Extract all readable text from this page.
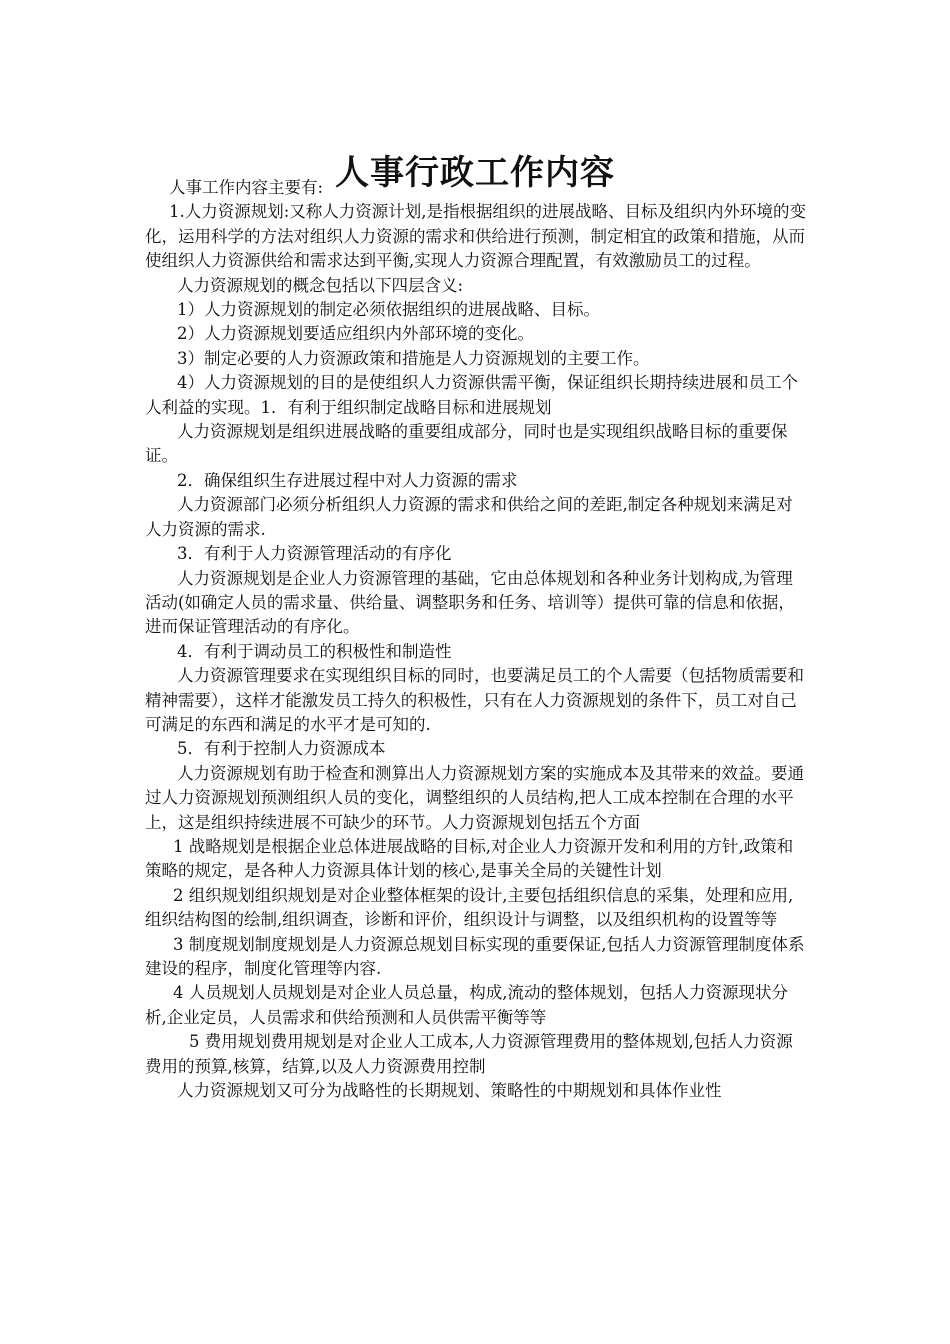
人事行政工作内容

人事工作内容主要有:

1.人力资源规划:又称人力资源计划,是指根据组织的进展战略、目标及组织内外环境的变化，运用科学的方法对组织人力资源的需求和供给进行预测，制定相宜的政策和措施，从而使组织人力资源供给和需求达到平衡,实现人力资源合理配置，有效激励员工的过程。

人力资源规划的概念包括以下四层含义:

1）人力资源规划的制定必须依据组织的进展战略、目标。

2）人力资源规划要适应组织内外部环境的变化。

3）制定必要的人力资源政策和措施是人力资源规划的主要工作。

4）人力资源规划的目的是使组织人力资源供需平衡，保证组织长期持续进展和员工个人利益的实现。1．有利于组织制定战略目标和进展规划

人力资源规划是组织进展战略的重要组成部分，同时也是实现组织战略目标的重要保证。

2．确保组织生存进展过程中对人力资源的需求

人力资源部门必须分析组织人力资源的需求和供给之间的差距,制定各种规划来满足对人力资源的需求.

3．有利于人力资源管理活动的有序化

人力资源规划是企业人力资源管理的基础，它由总体规划和各种业务计划构成,为管理活动(如确定人员的需求量、供给量、调整职务和任务、培训等）提供可靠的信息和依据，进而保证管理活动的有序化。

4．有利于调动员工的积极性和制造性

人力资源管理要求在实现组织目标的同时，也要满足员工的个人需要（包括物质需要和精神需要），这样才能激发员工持久的积极性，只有在人力资源规划的条件下，员工对自己可满足的东西和满足的水平才是可知的.

5．有利于控制人力资源成本

人力资源规划有助于检查和测算出人力资源规划方案的实施成本及其带来的效益。要通过人力资源规划预测组织人员的变化，调整组织的人员结构,把人工成本控制在合理的水平上，这是组织持续进展不可缺少的环节。人力资源规划包括五个方面

1 战略规划是根据企业总体进展战略的目标,对企业人力资源开发和利用的方针,政策和策略的规定，是各种人力资源具体计划的核心,是事关全局的关键性计划

2 组织规划组织规划是对企业整体框架的设计,主要包括组织信息的采集，处理和应用,组织结构图的绘制,组织调查，诊断和评价，组织设计与调整，以及组织机构的设置等等

3 制度规划制度规划是人力资源总规划目标实现的重要保证,包括人力资源管理制度体系建设的程序，制度化管理等内容.

4 人员规划人员规划是对企业人员总量，构成,流动的整体规划，包括人力资源现状分析,企业定员，人员需求和供给预测和人员供需平衡等等

5 费用规划费用规划是对企业人工成本,人力资源管理费用的整体规划,包括人力资源费用的预算,核算，结算,以及人力资源费用控制

人力资源规划又可分为战略性的长期规划、策略性的中期规划和具体作业性
